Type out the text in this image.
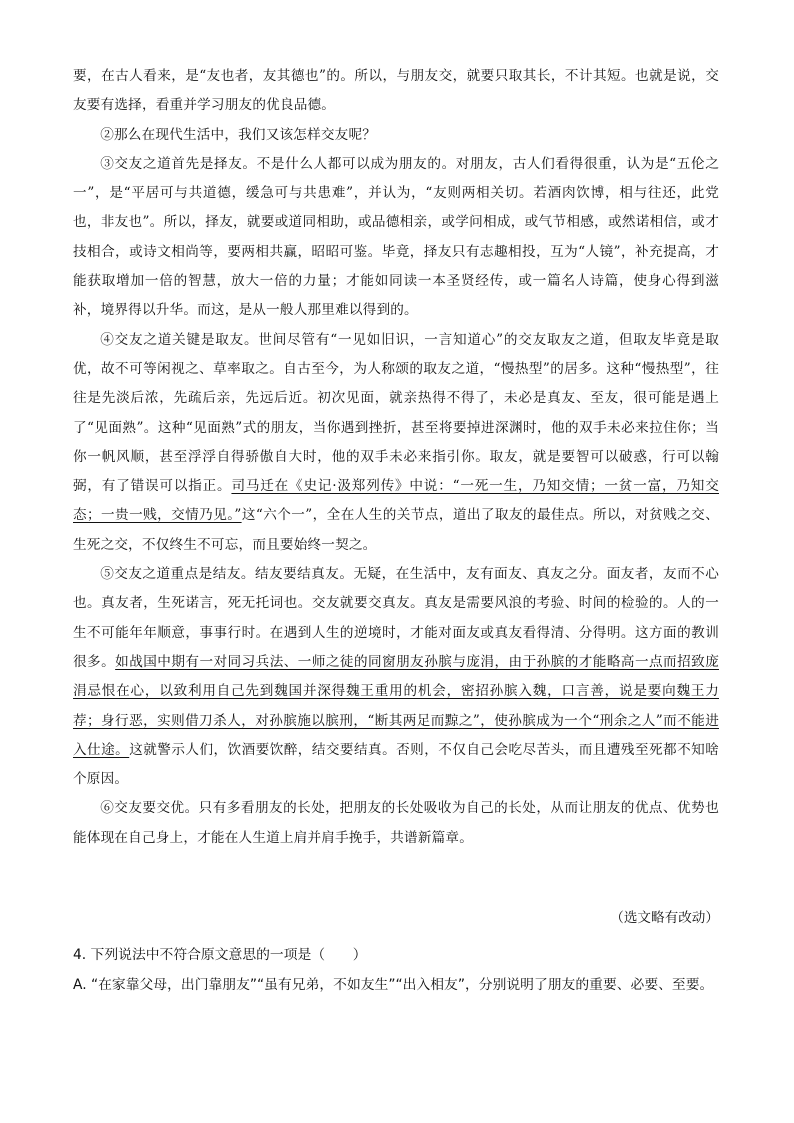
要，在古人看来，是“友也者，友其德也”的。所以，与朋友交，就要只取其长，不计其短。也就是说，交友要有选择，看重并学习朋友的优良品德。

②那么在现代生活中，我们又该怎样交友呢？

③交友之道首先是择友。不是什么人都可以成为朋友的。对朋友，古人们看得很重，认为是“五伦之一”，是“平居可与共道德，缓急可与共患难”，并认为，“友则两相关切。若酒肉饮博，相与往还，此党也，非友也”。所以，择友，就要或道同相助，或品德相亲，或学问相成，或气节相感，或然诺相信，或才技相合，或诗文相尚等，要两相共赢，昭昭可鉴。毕竟，择友只有志趣相投，互为“人镜”，补充提高，才能获取增加一倍的智慧，放大一倍的力量；才能如同读一本圣贤经传，或一篇名人诗篇，使身心得到滋补，境界得以升华。而这，是从一般人那里难以得到的。

④交友之道关键是取友。世间尽管有“一见如旧识，一言知道心”的交友取友之道，但取友毕竟是取优，故不可等闲视之、草率取之。自古至今，为人称颂的取友之道，“慢热型”的居多。这种“慢热型”，往往是先淡后浓，先疏后亲，先远后近。初次见面，就亲热得不得了，未必是真友、至友，很可能是遇上了“见面熟”。这种“见面熟”式的朋友，当你遇到挫折，甚至将要掉进深渊时，他的双手未必来拉住你；当你一帆风顺，甚至浮浮自得骄傲自大时，他的双手未必来指引你。取友，就是要智可以破惑，行可以翰弼，有了错误可以指正。司马迁在《史记·汲郑列传》中说：“一死一生，乃知交情；一贫一富，乃知交态；一贵一贱，交情乃见。”这“六个一”，全在人生的关节点，道出了取友的最佳点。所以，对贫贱之交、生死之交，不仅终生不可忘，而且要始终一契之。

⑤交友之道重点是结友。结友要结真友。无疑，在生活中，友有面友、真友之分。面友者，友而不心也。真友者，生死诺言，死无托词也。交友就要交真友。真友是需要风浪的考验、时间的检验的。人的一生不可能年年顺意，事事行时。在遇到人生的逆境时，才能对面友或真友看得清、分得明。这方面的教训很多。如战国中期有一对同习兵法、一师之徒的同窗朋友孙膑与庞涓，由于孙膑的才能略高一点而招致庞涓忌恨在心，以致利用自己先到魏国并深得魏王重用的机会，密招孙膑入魏，口言善，说是要向魏王力荐；身行恶，实则借刀杀人，对孙膑施以膑刑，“断其两足而黥之”，使孙膑成为一个“刑余之人”而不能进入仕途。这就警示人们，饮酒要饮醉，结交要结真。否则，不仅自己会吃尽苦头，而且遭残至死都不知啥个原因。

⑥交友要交优。只有多看朋友的长处，把朋友的长处吸收为自己的长处，从而让朋友的优点、优势也能体现在自己身上，才能在人生道上肩并肩手挽手，共谱新篇章。

（选文略有改动）

4. 下列说法中不符合原文意思的一项是（　　）

A. “在家靠父母，出门靠朋友”“虽有兄弟，不如友生”“出入相友”，分别说明了朋友的重要、必要、至要。
